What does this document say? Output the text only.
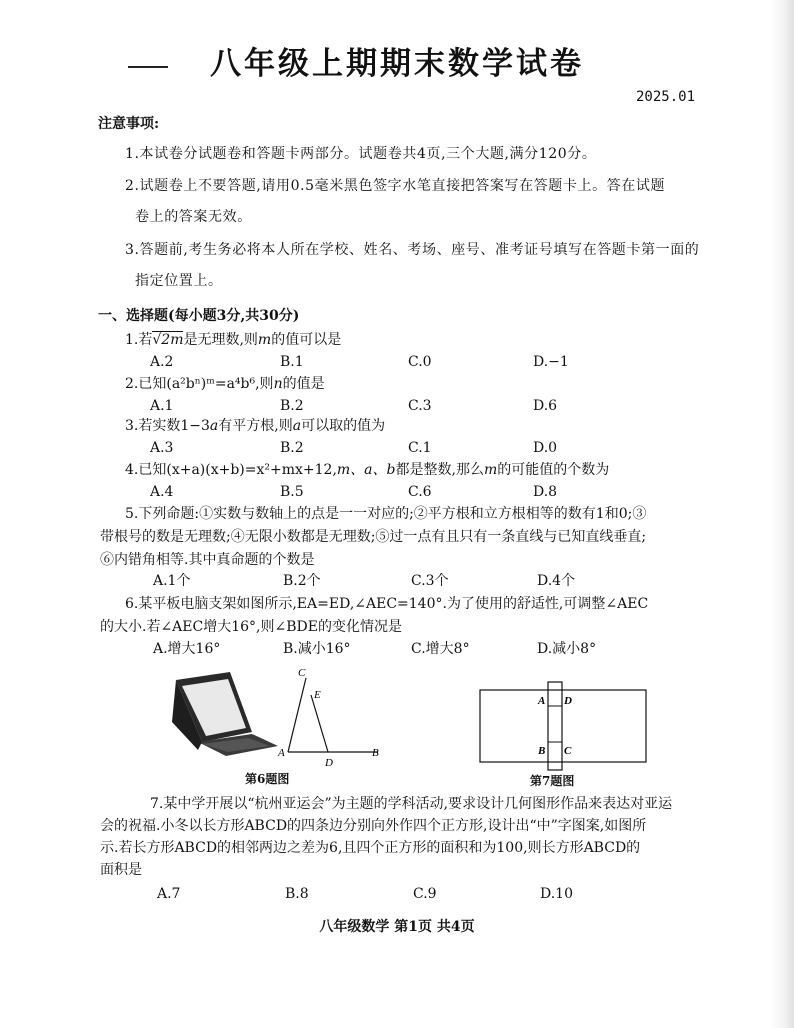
八年级上期期末数学试卷
2025.01
注意事项:
1.本试卷分试题卷和答题卡两部分。试题卷共4页,三个大题,满分120分。
2.试题卷上不要答题,请用0.5毫米黑色签字水笔直接把答案写在答题卡上。答在试题
卷上的答案无效。
3.答题前,考生务必将本人所在学校、姓名、考场、座号、准考证号填写在答题卡第一面的
指定位置上。
一、选择题(每小题3分,共30分)
1.若√2m是无理数,则m的值可以是
A.2	B.1	C.0	D.−1
2.已知(a²bⁿ)ᵐ=a⁴b⁶,则n的值是
A.1	B.2	C.3	D.6
3.若实数1−3a有平方根,则a可以取的值为
A.3	B.2	C.1	D.0
4.已知(x+a)(x+b)=x²+mx+12,m、a、b都是整数,那么m的可能值的个数为
A.4	B.5	C.6	D.8
5.下列命题:①实数与数轴上的点是一一对应的;②平方根和立方根相等的数有1和0;③
带根号的数是无理数;④无限小数都是无理数;⑤过一点有且只有一条直线与已知直线垂直;
⑥内错角相等.其中真命题的个数是
A.1个	B.2个	C.3个	D.4个
6.某平板电脑支架如图所示,EA=ED,∠AEC=140°.为了使用的舒适性,可调整∠AEC
的大小.若∠AEC增大16°,则∠BDE的变化情况是
A.增大16°	B.减小16°	C.增大8°	D.减小8°
C
E
A
D
B
第6题图
A D
B C
第7题图
7.某中学开展以“杭州亚运会”为主题的学科活动,要求设计几何图形作品来表达对亚运
会的祝福.小冬以长方形ABCD的四条边分别向外作四个正方形,设计出“中”字图案,如图所
示.若长方形ABCD的相邻两边之差为6,且四个正方形的面积和为100,则长方形ABCD的
面积是
A.7	B.8	C.9	D.10
八年级数学 第1页 共4页
